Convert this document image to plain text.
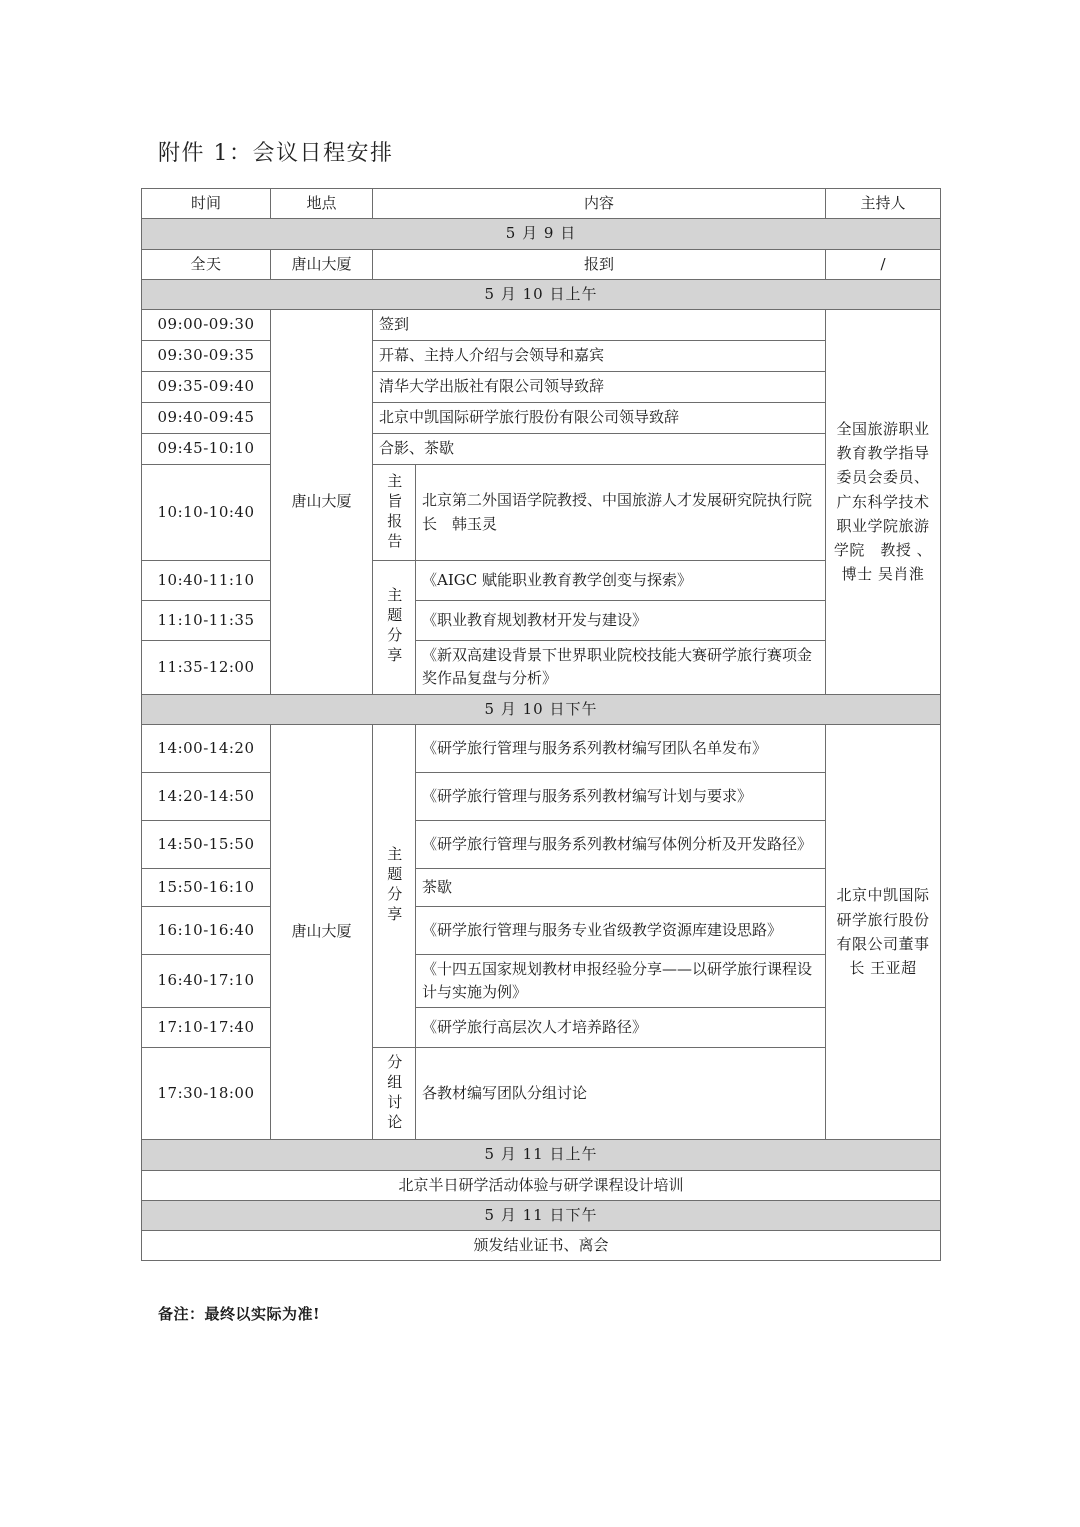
附件 1：会议日程安排
时间	地点	内容		主持人
5 月 9 日				
全天	唐山大厦	报到		/
5 月 10 日上午				
09:00-09:30	唐山大厦	签到		全国旅游职业教育教学指导委员会委员、广东科学技术职业学院旅游学院　教授 、博士 吴肖淮

09:30-09:35		开幕、主持人介绍与会领导和嘉宾		
09:35-09:40		清华大学出版社有限公司领导致辞		
09:40-09:45		北京中凯国际研学旅行股份有限公司领导致辞		
09:45-10:10		合影、茶歇		
10:10-10:40		主旨报告	北京第二外国语学院教授、中国旅游人才发展研究院执行院长　韩玉灵	
10:40-11:10		主题分享	《AIGC 赋能职业教育教学创变与探索》	
11:10-11:35			《职业教育规划教材开发与建设》	
11:35-12:00			《新双高建设背景下世界职业院校技能大赛研学旅行赛项金奖作品复盘与分析》	
5 月 10 日下午				
14:00-14:20	唐山大厦	主题分享	《研学旅行管理与服务系列教材编写团队名单发布》	北京中凯国际研学旅行股份有限公司董事长 王亚超

14:20-14:50			《研学旅行管理与服务系列教材编写计划与要求》	
14:50-15:50			《研学旅行管理与服务系列教材编写体例分析及开发路径》	
15:50-16:10			茶歇	
16:10-16:40			《研学旅行管理与服务专业省级教学资源库建设思路》	
16:40-17:10			《十四五国家规划教材申报经验分享——以研学旅行课程设计与实施为例》	
17:10-17:40			《研学旅行高层次人才培养路径》	
17:30-18:00		分组讨论	各教材编写团队分组讨论	
5 月 11 日上午				
北京半日研学活动体验与研学课程设计培训				
5 月 11 日下午				
颁发结业证书、离会				
备注：最终以实际为准!
